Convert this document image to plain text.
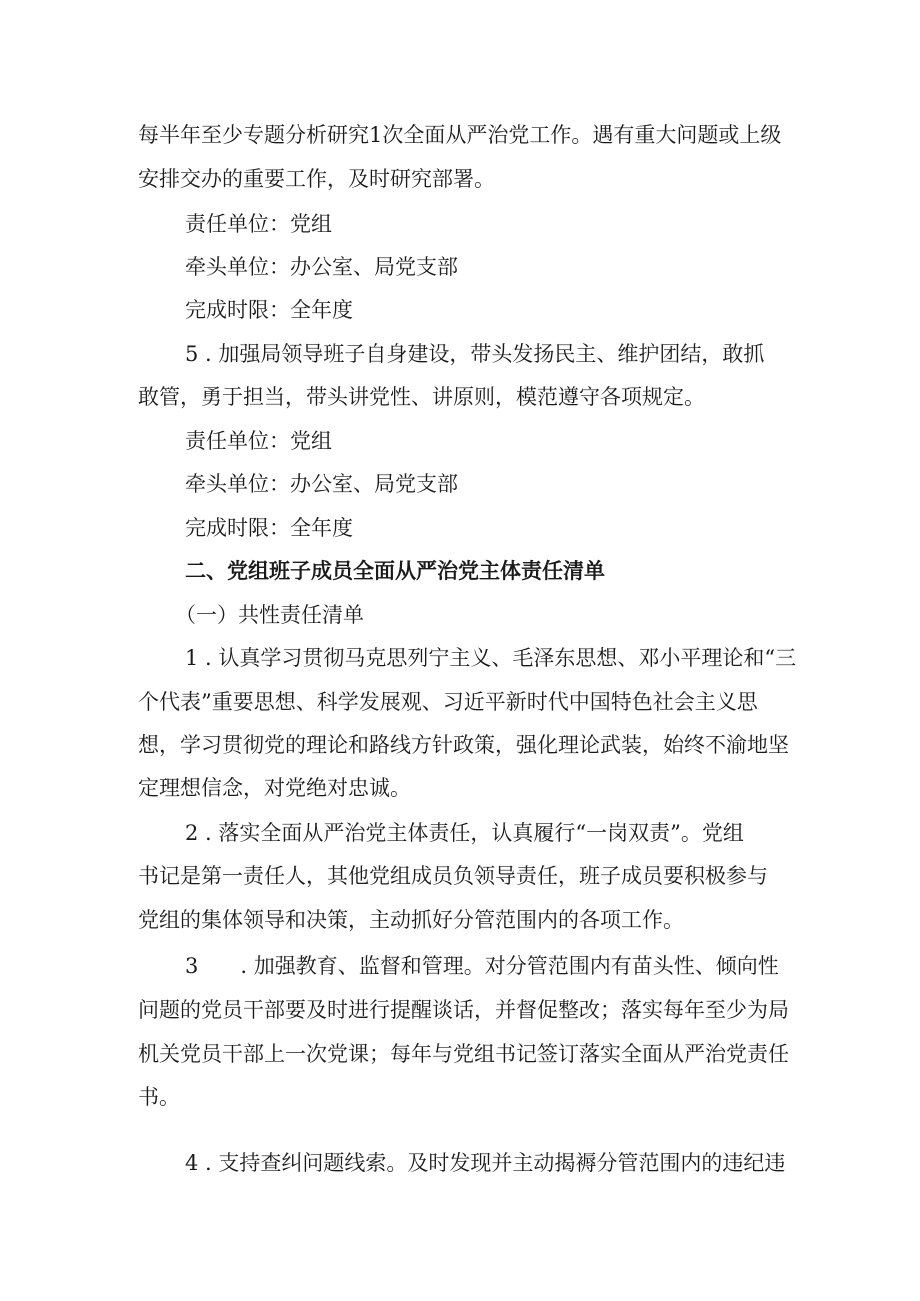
每半年至少专题分析研究1次全面从严治党工作。遇有重大问题或上级
安排交办的重要工作，及时研究部署。
责任单位：党组
牵头单位：办公室、局党支部
完成时限：全年度
5 . 加强局领导班子自身建设，带头发扬民主、维护团结，敢抓
敢管，勇于担当，带头讲党性、讲原则，模范遵守各项规定。
责任单位：党组
牵头单位：办公室、局党支部
完成时限：全年度
二、党组班子成员全面从严治党主体责任清单
（一）共性责任清单
1 . 认真学习贯彻马克思列宁主义、毛泽东思想、邓小平理论和“三
个代表”重要思想、科学发展观、习近平新时代中国特色社会主义思
想，学习贯彻党的理论和路线方针政策，强化理论武装，始终不渝地坚
定理想信念，对党绝对忠诚。
2 . 落实全面从严治党主体责任，认真履行“一岗双责”。党组
书记是第一责任人，其他党组成员负领导责任，班子成员要积极参与
党组的集体领导和决策，主动抓好分管范围内的各项工作。
3　　. 加强教育、监督和管理。对分管范围内有苗头性、倾向性
问题的党员干部要及时进行提醒谈话，并督促整改；落实每年至少为局
机关党员干部上一次党课；每年与党组书记签订落实全面从严治党责任
书。
4 . 支持查纠问题线索。及时发现并主动揭褥分管范围内的违纪违
